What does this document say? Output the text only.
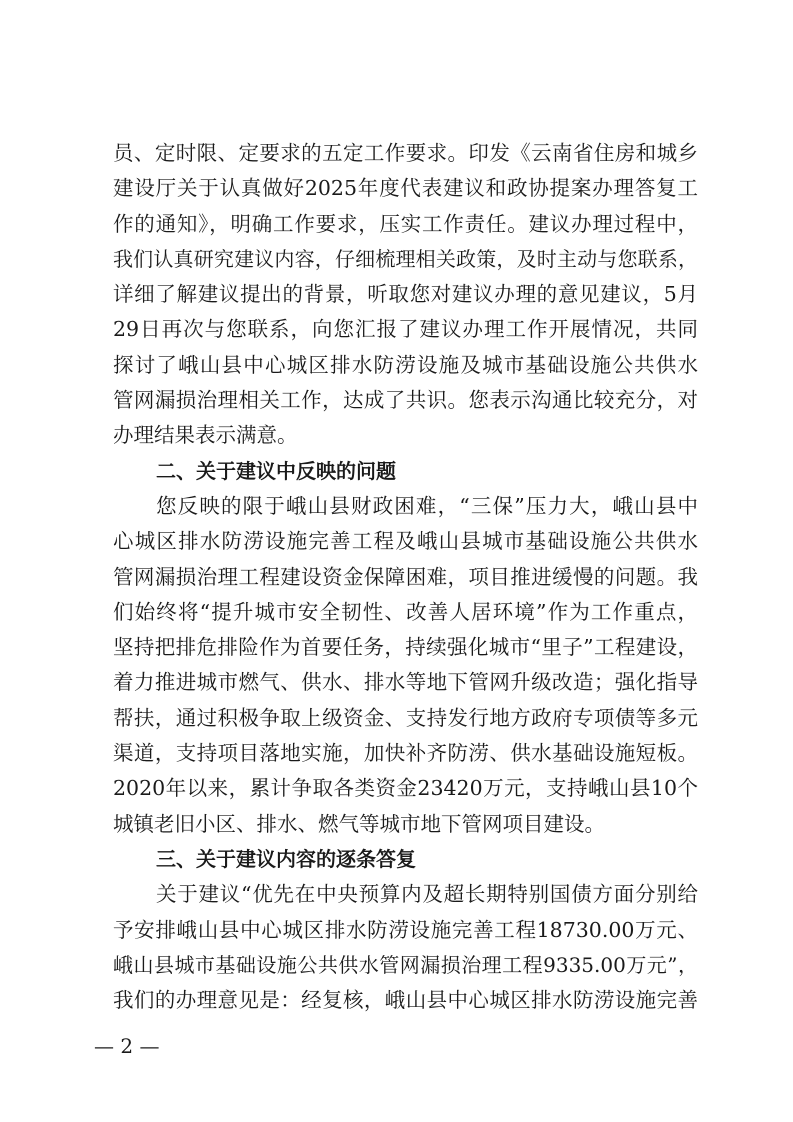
员、定时限、定要求的五定工作要求。印发《云南省住房和城乡
建设厅关于认真做好2025年度代表建议和政协提案办理答复工
作的通知》，明确工作要求，压实工作责任。建议办理过程中，
我们认真研究建议内容，仔细梳理相关政策，及时主动与您联系，
详细了解建议提出的背景，听取您对建议办理的意见建议，5月
29日再次与您联系，向您汇报了建议办理工作开展情况，共同
探讨了峨山县中心城区排水防涝设施及城市基础设施公共供水
管网漏损治理相关工作，达成了共识。您表示沟通比较充分，对
办理结果表示满意。
二、关于建议中反映的问题
您反映的限于峨山县财政困难，“三保”压力大，峨山县中
心城区排水防涝设施完善工程及峨山县城市基础设施公共供水
管网漏损治理工程建设资金保障困难，项目推进缓慢的问题。我
们始终将“提升城市安全韧性、改善人居环境”作为工作重点，
坚持把排危排险作为首要任务，持续强化城市“里子”工程建设，
着力推进城市燃气、供水、排水等地下管网升级改造；强化指导
帮扶，通过积极争取上级资金、支持发行地方政府专项债等多元
渠道，支持项目落地实施，加快补齐防涝、供水基础设施短板。
2020年以来，累计争取各类资金23420万元，支持峨山县10个
城镇老旧小区、排水、燃气等城市地下管网项目建设。
三、关于建议内容的逐条答复
关于建议“优先在中央预算内及超长期特别国债方面分别给
予安排峨山县中心城区排水防涝设施完善工程18730.00万元、
峨山县城市基础设施公共供水管网漏损治理工程9335.00万元”，
我们的办理意见是：经复核，峨山县中心城区排水防涝设施完善
— 2 —
